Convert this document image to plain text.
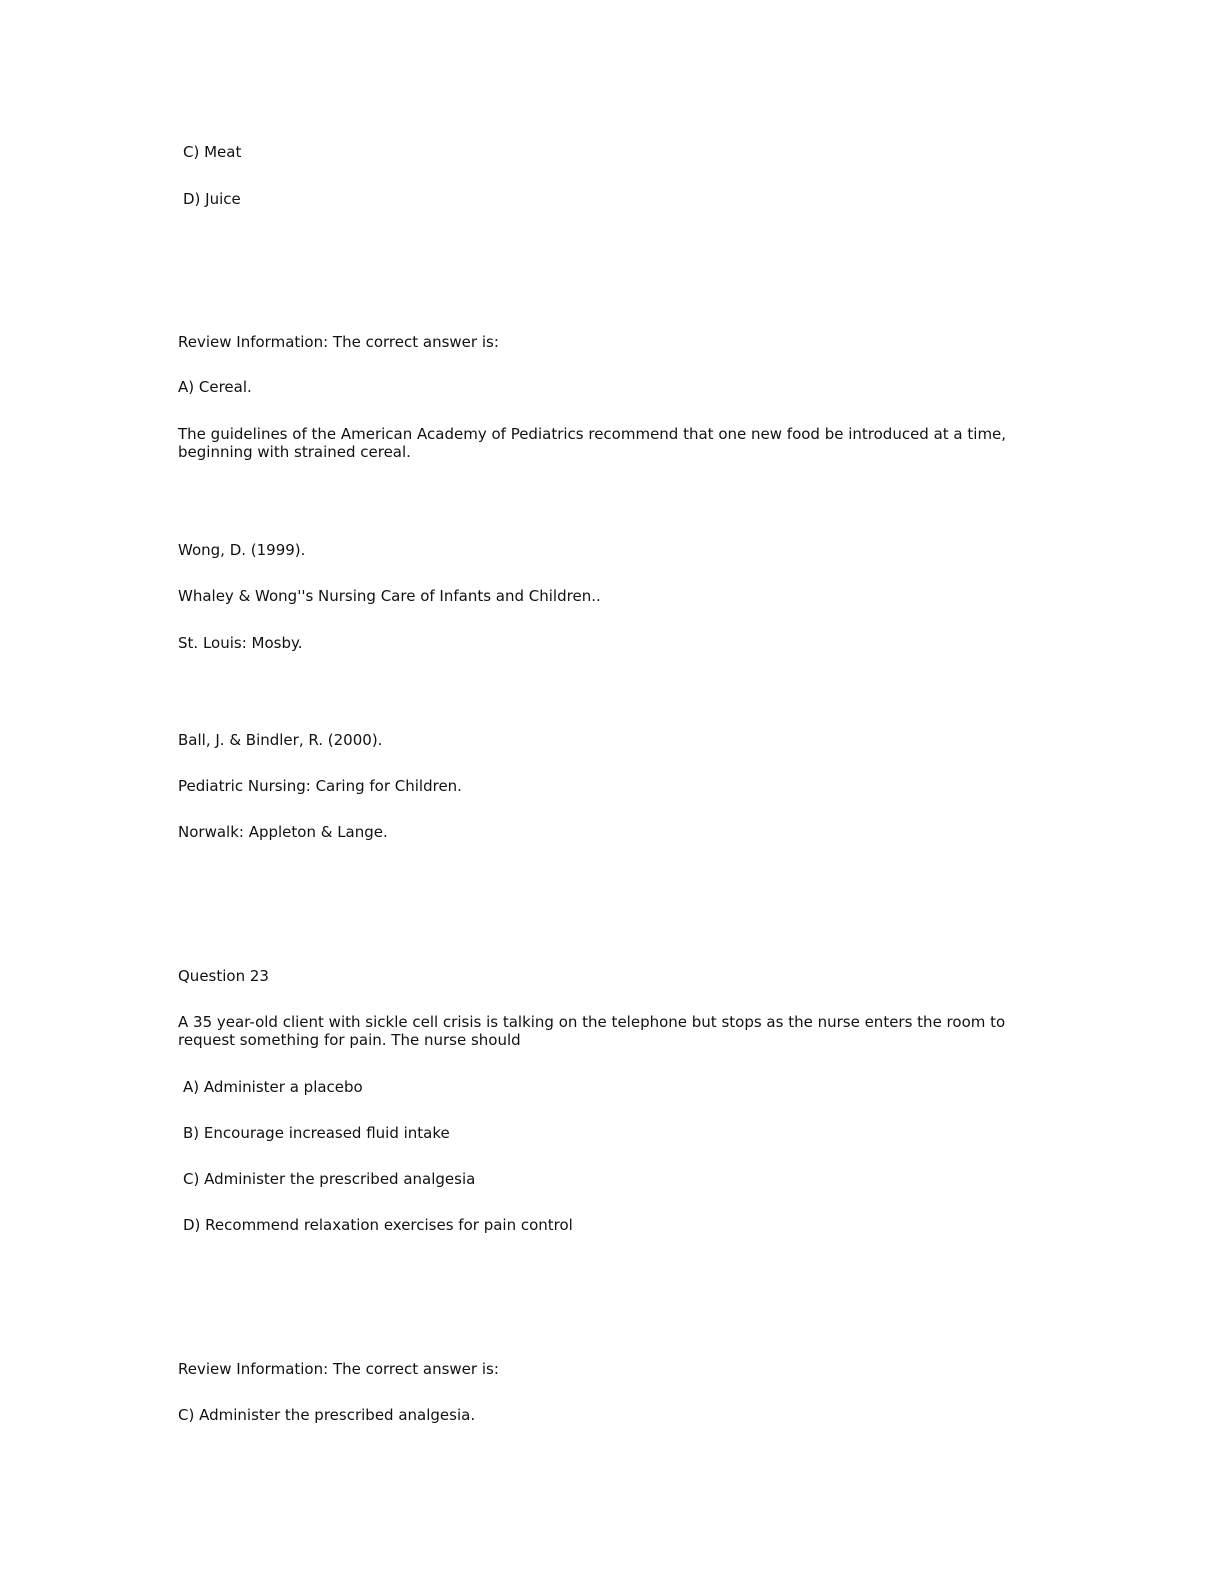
C) Meat
D) Juice
Review Information: The correct answer is:
A) Cereal.
The guidelines of the American Academy of Pediatrics recommend that one new food be introduced at a time, beginning with strained cereal.
Wong, D. (1999).
Whaley & Wong''s Nursing Care of Infants and Children..
St. Louis: Mosby.
Ball, J. & Bindler, R. (2000).
Pediatric Nursing: Caring for Children.
Norwalk: Appleton & Lange.
Question 23
A 35 year-old client with sickle cell crisis is talking on the telephone but stops as the nurse enters the room to request something for pain. The nurse should
A) Administer a placebo
B) Encourage increased fluid intake
C) Administer the prescribed analgesia
D) Recommend relaxation exercises for pain control
Review Information: The correct answer is:
C) Administer the prescribed analgesia.
